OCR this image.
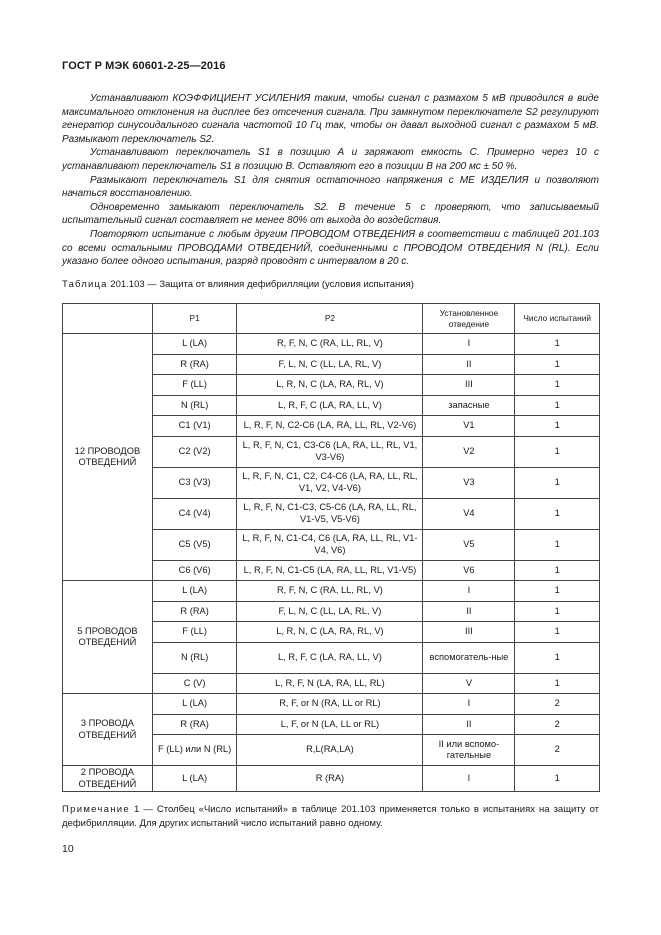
ГОСТ Р МЭК 60601-2-25—2016

Устанавливают КОЭФФИЦИЕНТ УСИЛЕНИЯ таким, чтобы сигнал с размахом 5 мВ приводился в виде максимального отклонения на дисплее без отсечения сигнала. При замкнутом переключателе S2 регулируют генератор синусоидального сигнала частотой 10 Гц так, чтобы он давал выходной сигнал с размахом 5 мВ. Размыкают переключатель S2.

Устанавливают переключатель S1 в позицию А и заряжают емкость С. Примерно через 10 с устанавливают переключатель S1 в позицию В. Оставляют его в позиции В на 200 мс ± 50 %.

Размыкают переключатель S1 для снятия остаточного напряжения с МЕ ИЗДЕЛИЯ и позволяют начаться восстановлению.

Одновременно замыкают переключатель S2. В течение 5 с проверяют, что записываемый испытательный сигнал составляет не менее 80% от выхода до воздействия.

Повторяют испытание с любым другим ПРОВОДОМ ОТВЕДЕНИЯ в соответствии с таблицей 201.103 со всеми остальными ПРОВОДАМИ ОТВЕДЕНИЙ, соединенными с ПРОВОДОМ ОТВЕДЕНИЯ N (RL). Если указано более одного испытания, разряд проводят с интервалом в 20 с.

Таблица 201.103 — Защита от влияния дефибрилляции (условия испытания)
	P1	P2	Установленное отведение	Число испытаний
12 ПРОВОДОВ ОТВЕДЕНИЙ	L (LA)	R, F, N, C (RA, LL, RL, V)	I	1
	R (RA)	F, L, N, C (LL, LA, RL, V)	II	1
	F (LL)	L, R, N, C (LA, RA, RL, V)	III	1
	N (RL)	L, R, F, C (LA, RA, LL, V)	запасные	1
	C1 (V1)	L, R, F, N, C2-C6 (LA, RA, LL, RL, V2-V6)	V1	1
	C2 (V2)	L, R, F, N, C1, C3-C6 (LA, RA, LL, RL, V1, V3-V6)	V2	1
	C3 (V3)	L, R, F, N, C1, C2, C4-C6 (LA, RA, LL, RL, V1, V2, V4-V6)	V3	1
	C4 (V4)	L, R, F, N, C1-C3, C5-C6 (LA, RA, LL, RL, V1-V5, V5-V6)	V4	1
	C5 (V5)	L, R, F, N, C1-C4, C6 (LA, RA, LL, RL, V1-V4, V6)	V5	1
	C6 (V6)	L, R, F, N, C1-C5 (LA, RA, LL, RL, V1-V5)	V6	1
5 ПРОВОДОВ ОТВЕДЕНИЙ	L (LA)	R, F, N, C (RA, LL, RL, V)	I	1
	R (RA)	F, L, N, C (LL, LA, RL, V)	II	1
	F (LL)	L, R, N, C (LA, RA, RL, V)	III	1
	N (RL)	L, R, F, C (LA, RA, LL, V)	вспомогатель-ные	1
	C (V)	L, R, F, N (LA, RA, LL, RL)	V	1
3 ПРОВОДА ОТВЕДЕНИЙ	L (LA)	R, F, or N (RA, LL or RL)	I	2
	R (RA)	L, F, or N (LA, LL or RL)	II	2
	F (LL) или N (RL)	R,L(RA,LA)	II или вспомо-гательные	2
2 ПРОВОДА ОТВЕДЕНИЙ	L (LA)	R (RA)	I	1
Примечание 1 — Столбец «Число испытаний» в таблице 201.103 применяется только в испытаниях на защиту от дефибрилляции. Для других испытаний число испытаний равно одному.
10
